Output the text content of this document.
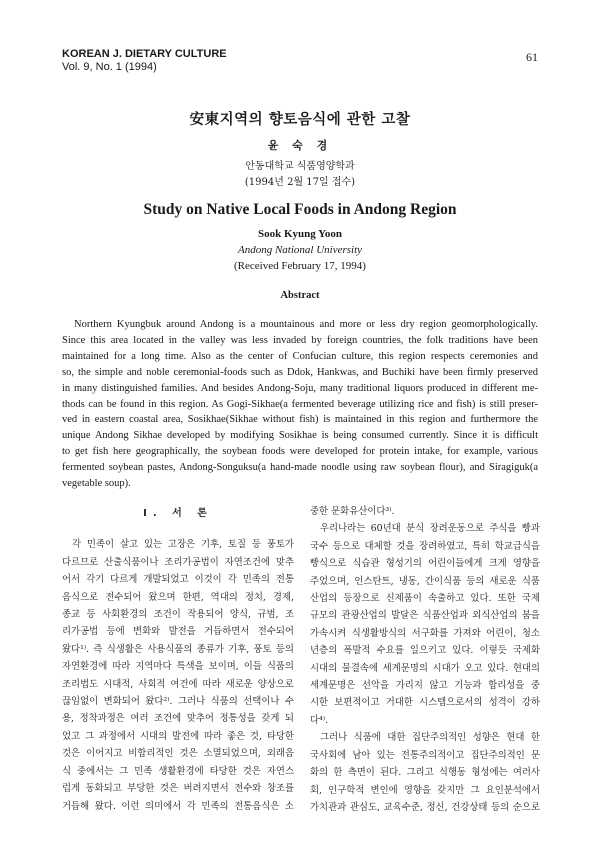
KOREAN J. DIETARY CULTURE
Vol. 9, No. 1 (1994)
61
安東지역의 향토음식에 관한 고찰
윤 숙 경
안동대학교 식품영양학과
(1994년 2월 17일 접수)
Study on Native Local Foods in Andong Region
Sook Kyung Yoon
Andong National University
(Received February 17, 1994)
Abstract
Northern Kyungbuk around Andong is a mountainous and more or less dry region geomorphologically.
Since this area located in the valley was less invaded by foreign countries, the folk traditions have been
maintained for a long time. Also as the center of Confucian culture, this region respects ceremonies and
so, the simple and noble ceremonial-foods such as Ddok, Hankwas, and Buchiki have been firmly preserved
in many distinguished families. And besides Andong-Soju, many traditional liquors produced in different me-
thods can be found in this region. As Gogi-Sikhae(a fermented beverage utilizing rice and fish) is still preser-
ved in eastern coastal area, Sosikhae(Sikhae without fish) is maintained in this region and furthermore the
unique Andong Sikhae developed by modifying Sosikhae is being consumed currently. Since it is difficult
to get fish here geographically, the soybean foods were developed for protein intake, for example, various
fermented soybean pastes, Andong-Songuksu(a hand-made noodle using raw soybean flour), and Siragiguk(a
vegetable soup).
I. 서 론
각 민족이 살고 있는 고장은 기후, 토질 등 풍토가
다르므로 산출식품이나 조리가공법이 자연조건에 맞추
어서 각기 다르게 개발되었고 이것이 각 민족의 전통
음식으로 전수되어 왔으며 한편, 역대의 정치, 경제,
종교 등 사회환경의 조건이 작용되어 양식, 규범, 조
리가공법 등에 변화와 발전을 거듭하면서 전수되어
왔다¹⁾. 즉 식생활은 사용식품의 종류가 기후, 풍토 등의
자연환경에 따라 지역마다 특색을 보이며, 이들 식품의
조리법도 시대적, 사회적 여건에 따라 새로운 양상으로
끊임없이 변화되어 왔다²⁾. 그러나 식품의 선택이나 수
용, 정착과정은 여러 조건에 맞추어 정통성을 갖게 되
었고 그 과정에서 시대의 발전에 따라 좋은 것, 타당한
것은 이어지고 비합리적인 것은 소멸되었으며, 외래음
식 중에서는 그 민족 생활환경에 타당한 것은 자연스
럽게 동화되고 부당한 것은 버려지면서 전수와 창조를
거듭해 왔다. 이런 의미에서 각 민족의 전통음식은 소
중한 문화유산이다³⁾.
우리나라는 60년대 분식 장려운동으로 주식을 빵과
국수 등으로 대체할 것을 장려하였고, 특히 학교급식을
빵식으로 식습관 형성기의 어린이들에게 크게 영향을
주었으며, 인스탄트, 냉동, 간이식품 등의 새로운 식품
산업의 등장으로 신제품이 속출하고 있다. 또한 국제
규모의 관광산업의 발달은 식품산업과 외식산업의 붐을
가속시켜 식생활방식의 서구화를 가져와 어린이, 청소
년층의 폭발적 수요를 일으키고 있다. 이렇듯 국제화
시대의 물결속에 세계문명의 시대가 오고 있다. 현대의
세계문명은 선악을 가리지 않고 기능과 합리성을 중
시한 보편적이고 거대한 시스템으로서의 성격이 강하
다⁴⁾.
그러나 식품에 대한 집단주의적인 성향은 현대 한
국사회에 남아 있는 전통주의적이고 집단주의적인 문
화의 한 측면이 된다. 그리고 식행동 형성에는 여러사
회, 인구학적 변인에 영향을 갖지만 그 요인분석에서
가치관과 관심도, 교육수준, 정신, 건강상태 등의 순으로
